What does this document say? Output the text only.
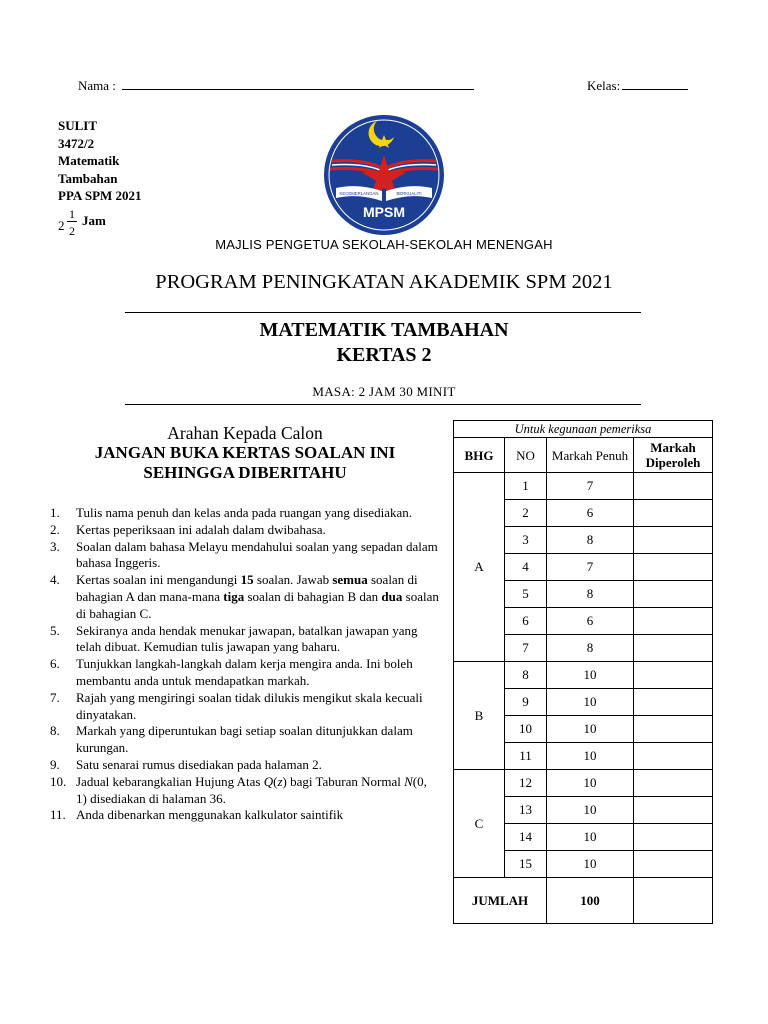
Nama :	Kelas:
SULIT
3472/2
Matematik
Tambahan
PPA SPM 2021
2
1
2
Jam
KECEMERLANGAN	BERKUALITI
MPSM
MAJLIS PENGETUA SEKOLAH-SEKOLAH MENENGAH
PROGRAM PENINGKATAN AKADEMIK SPM 2021
MATEMATIK TAMBAHAN
KERTAS 2
MASA: 2 JAM 30 MINIT
Arahan Kepada Calon
JANGAN BUKA KERTAS SOALAN INI
SEHINGGA DIBERITAHU
1. Tulis nama penuh dan kelas anda pada ruangan yang disediakan.
2. Kertas peperiksaan ini adalah dalam dwibahasa.
3. Soalan dalam bahasa Melayu mendahului soalan yang sepadan dalam bahasa Inggeris.
4. Kertas soalan ini mengandungi 15 soalan. Jawab semua soalan di bahagian A dan mana-mana tiga soalan di bahagian B dan dua soalan di bahagian C.
5. Sekiranya anda hendak menukar jawapan, batalkan jawapan yang telah dibuat. Kemudian tulis jawapan yang baharu.
6. Tunjukkan langkah-langkah dalam kerja mengira anda. Ini boleh membantu anda untuk mendapatkan markah.
7. Rajah yang mengiringi soalan tidak dilukis mengikut skala kecuali dinyatakan.
8. Markah yang diperuntukan bagi setiap soalan ditunjukkan dalam kurungan.
9. Satu senarai rumus disediakan pada halaman 2.
10. Jadual kebarangkalian Hujung Atas Q(z) bagi Taburan Normal N(0, 1) disediakan di halaman 36.
11. Anda dibenarkan menggunakan kalkulator saintifik
Untuk kegunaan pemeriksa			
BHG	NO	Markah Penuh	Markah Diperoleh
A	1	7	
	2	6	
	3	8	
	4	7	
	5	8	
	6	6	
	7	8	
B	8	10	
	9	10	
	10	10	
	11	10	
C	12	10	
	13	10	
	14	10	
	15	10	
JUMLAH		100	
